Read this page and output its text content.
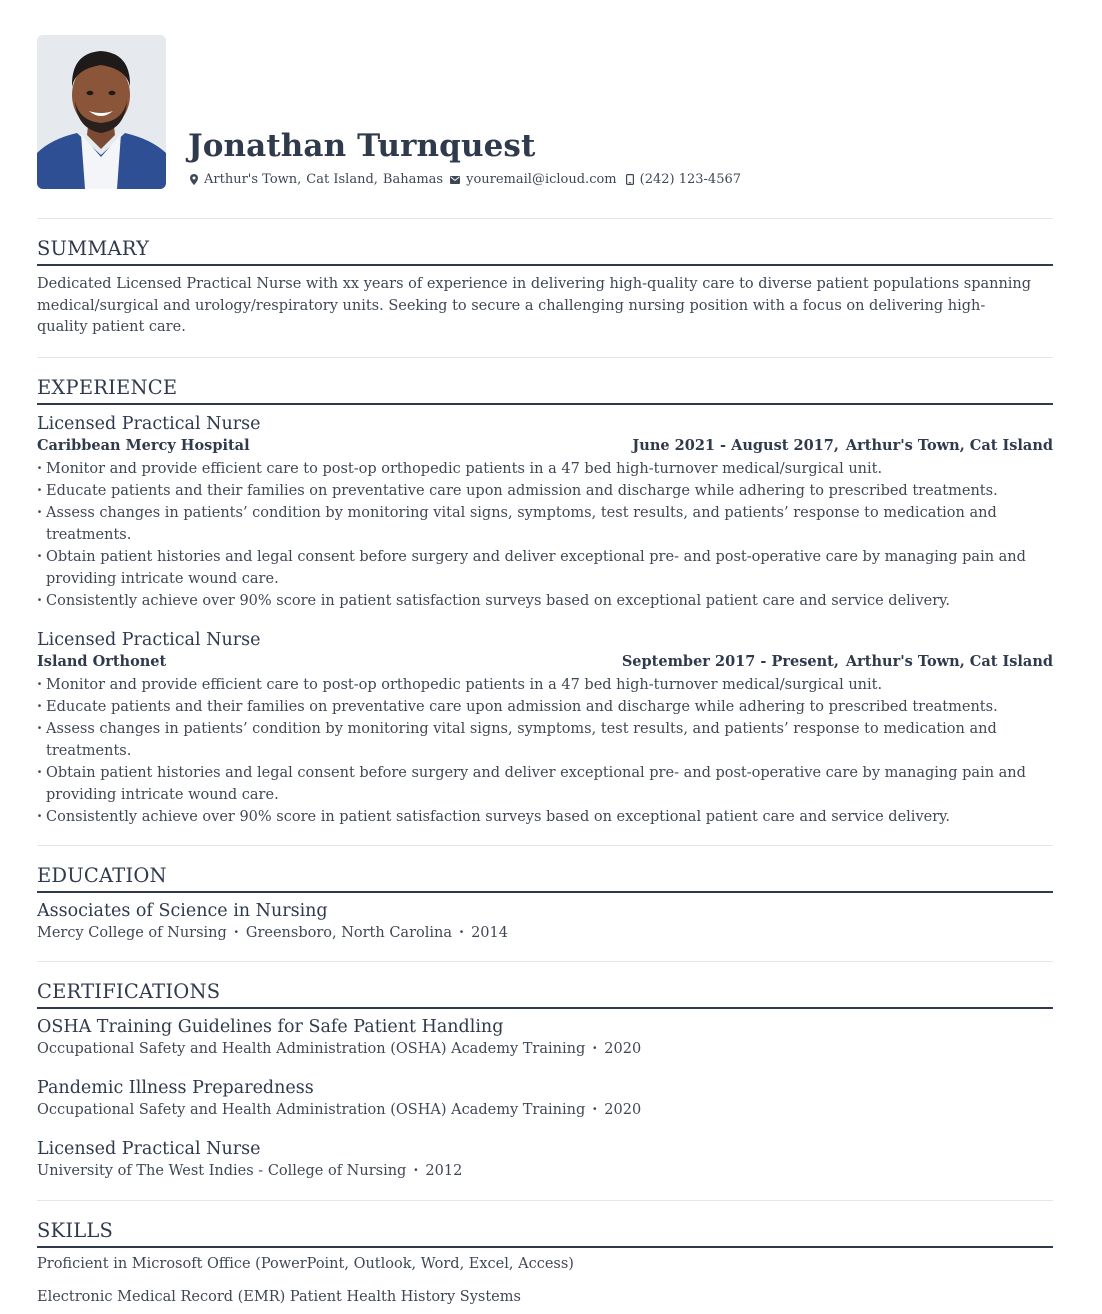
Jonathan Turnquest
Arthur's Town, Cat Island, Bahamas youremail@icloud.com (242) 123-4567
SUMMARY

Dedicated Licensed Practical Nurse with xx years of experience in delivering high-quality care to diverse patient populations spanning medical/surgical and urology/respiratory units. Seeking to secure a challenging nursing position with a focus on delivering high-quality patient care.

EXPERIENCE
Licensed Practical Nurse
Caribbean Mercy Hospital	June 2021 - August 2017, Arthur's Town, Cat Island
· Monitor and provide efficient care to post-op orthopedic patients in a 47 bed high-turnover medical/surgical unit.
· Educate patients and their families on preventative care upon admission and discharge while adhering to prescribed treatments.
· Assess changes in patients’ condition by monitoring vital signs, symptoms, test results, and patients’ response to medication and treatments.
· Obtain patient histories and legal consent before surgery and deliver exceptional pre- and post-operative care by managing pain and providing intricate wound care.
· Consistently achieve over 90% score in patient satisfaction surveys based on exceptional patient care and service delivery.
Licensed Practical Nurse
Island Orthonet	September 2017 - Present, Arthur's Town, Cat Island
· Monitor and provide efficient care to post-op orthopedic patients in a 47 bed high-turnover medical/surgical unit.
· Educate patients and their families on preventative care upon admission and discharge while adhering to prescribed treatments.
· Assess changes in patients’ condition by monitoring vital signs, symptoms, test results, and patients’ response to medication and treatments.
· Obtain patient histories and legal consent before surgery and deliver exceptional pre- and post-operative care by managing pain and providing intricate wound care.
· Consistently achieve over 90% score in patient satisfaction surveys based on exceptional patient care and service delivery.
EDUCATION
Associates of Science in Nursing
Mercy College of Nursing · Greensboro, North Carolina · 2014
CERTIFICATIONS
OSHA Training Guidelines for Safe Patient Handling
Occupational Safety and Health Administration (OSHA) Academy Training · 2020
Pandemic Illness Preparedness
Occupational Safety and Health Administration (OSHA) Academy Training · 2020
Licensed Practical Nurse
University of The West Indies - College of Nursing · 2012
SKILLS
Proficient in Microsoft Office (PowerPoint, Outlook, Word, Excel, Access)
Electronic Medical Record (EMR) Patient Health History Systems
